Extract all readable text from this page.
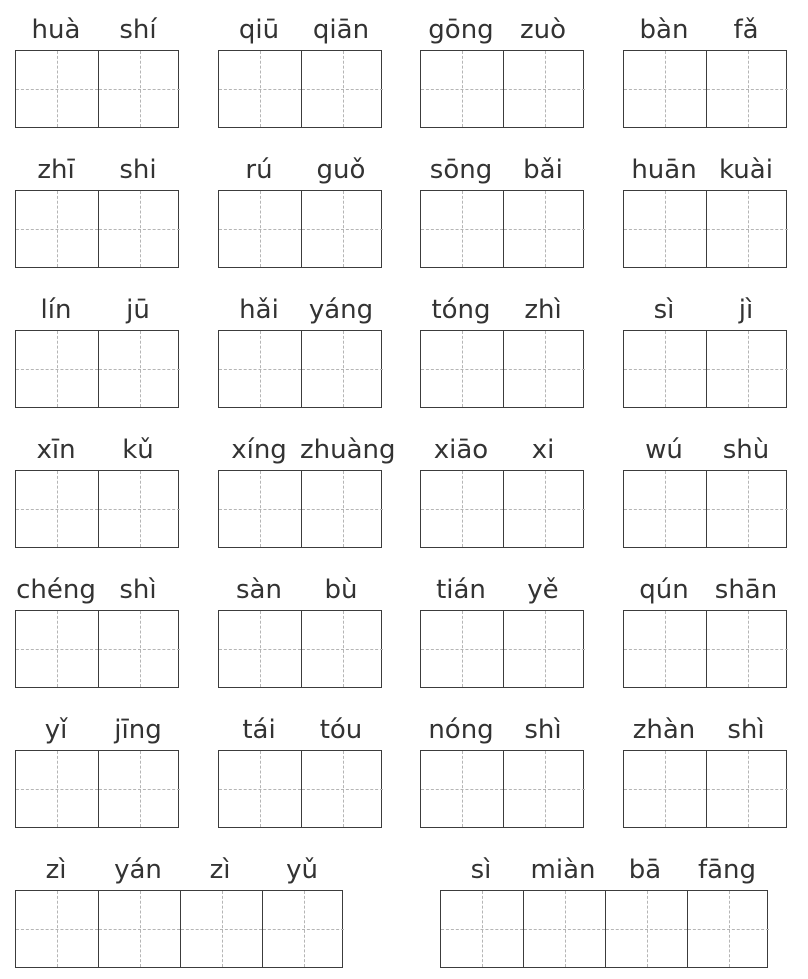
huà	shí	qiū	qiān	gōng	zuò	bàn	fǎ
zhī	shi	rú	guǒ	sōng	bǎi	huān kuài
lín	jū	hǎi	yáng	tóng	zhì	sì	jì
xīn	kǔ	xíng zhuàng	xiāo	xi	wú	shù
chéng shì	sàn	bù	tián	yě	qún	shān
yǐ	jīng	tái	tóu	nóng	shì	zhàn	shì
zì	yán	zì	yǔ	sì	miàn	bā	fāng
